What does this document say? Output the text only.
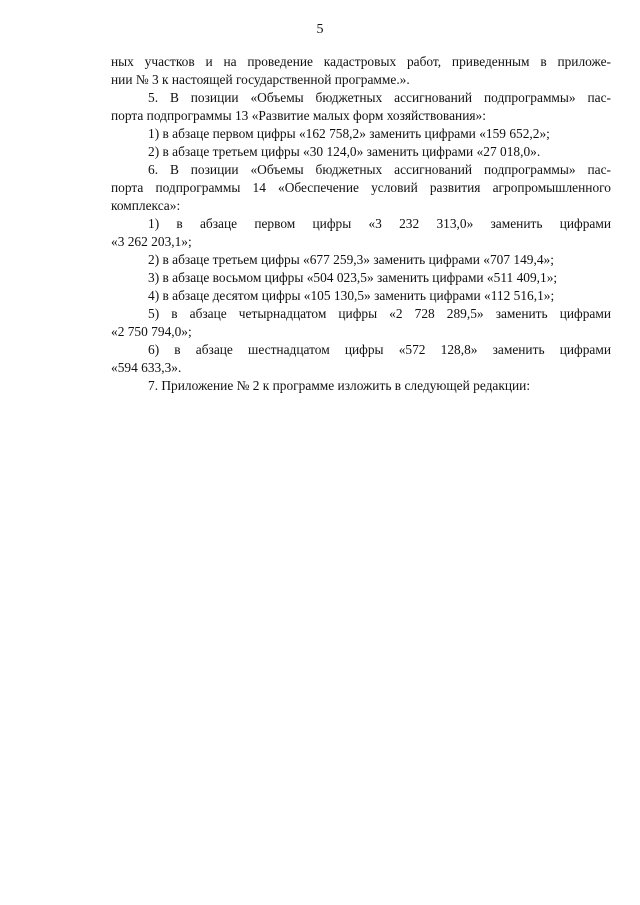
5
ных участков и на проведение кадастровых работ, приведенным в приложе-
нии № 3 к настоящей государственной программе.».
5. В позиции «Объемы бюджетных ассигнований подпрограммы» пас-
порта подпрограммы 13 «Развитие малых форм хозяйствования»:
1) в абзаце первом цифры «162 758,2» заменить цифрами «159 652,2»;
2) в абзаце третьем цифры «30 124,0» заменить цифрами «27 018,0».
6. В позиции «Объемы бюджетных ассигнований подпрограммы» пас-
порта подпрограммы 14 «Обеспечение условий развития агропромышленного
комплекса»:
1) в абзаце первом цифры «3 232 313,0» заменить цифрами
«3 262 203,1»;
2) в абзаце третьем цифры «677 259,3» заменить цифрами «707 149,4»;
3) в абзаце восьмом цифры «504 023,5» заменить цифрами «511 409,1»;
4) в абзаце десятом цифры «105 130,5» заменить цифрами «112 516,1»;
5) в абзаце четырнадцатом цифры «2 728 289,5» заменить цифрами
«2 750 794,0»;
6) в абзаце шестнадцатом цифры «572 128,8» заменить цифрами
«594 633,3».
7. Приложение № 2 к программе изложить в следующей редакции:
